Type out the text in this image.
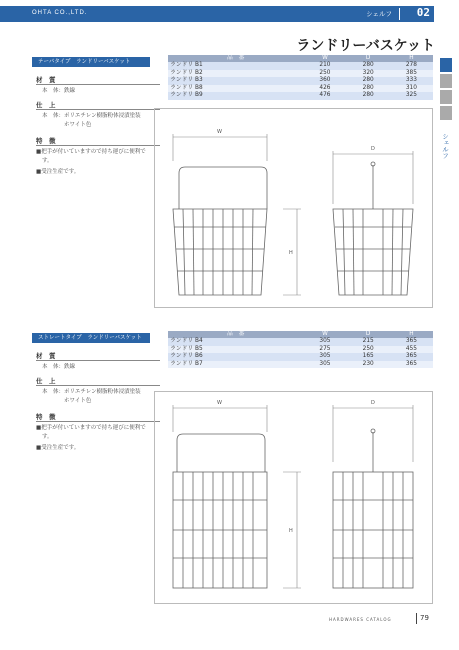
OHTA CO.,LTD.	シェルフ 02
ランドリーバスケット
シェルフ
テーパタイプ　ランドリーバスケット
品　番	W	D	H
ランドリ B1	210	280	278
ランドリ B2	250	320	385
ランドリ B3	360	280	333
ランドリ B8	426	280	310
ランドリ B9	476	280	325
材　質
本　体：鉄線
仕　上
本　体：ポリエチレン樹脂粉体浸漬塗装
ホワイト色
特　徴
■把手が付いていますので持ち運びに便利で
す。
■受注生産です。
W
D
H
ストレートタイプ　ランドリーバスケット
品　番	W	D	H
ランドリ B4	305	215	365
ランドリ B5	275	250	455
ランドリ B6	305	165	365
ランドリ B7	305	230	365
材　質
本　体：鉄線
仕　上
本　体：ポリエチレン樹脂粉体浸漬塗装
ホワイト色
特　徴
■把手が付いていますので持ち運びに便利で
す。
■受注生産です。
W	D
H
HARDWARES CATALOG	79
